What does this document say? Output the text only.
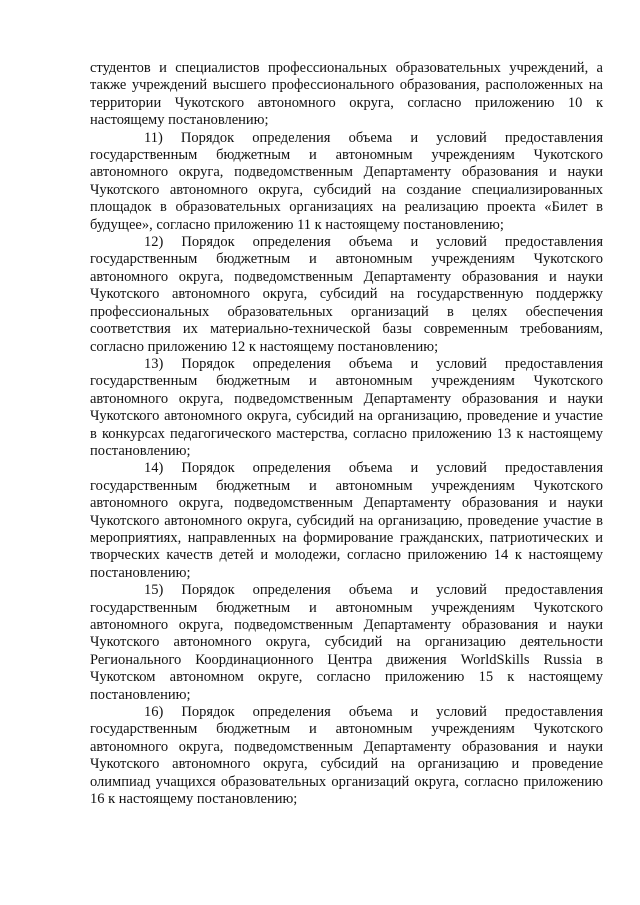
студентов и специалистов профессиональных образовательных учреждений, а также учреждений высшего профессионального образования, расположенных на территории Чукотского автономного округа, согласно приложению 10 к настоящему постановлению;

11) Порядок определения объема и условий предоставления государственным бюджетным и автономным учреждениям Чукотского автономного округа, подведомственным Департаменту образования и науки Чукотского автономного округа, субсидий на создание специализированных площадок в образовательных организациях на реализацию проекта «Билет в будущее», согласно приложению 11 к настоящему постановлению;

12) Порядок определения объема и условий предоставления государственным бюджетным и автономным учреждениям Чукотского автономного округа, подведомственным Департаменту образования и науки Чукотского автономного округа, субсидий на государственную поддержку профессиональных образовательных организаций в целях обеспечения соответствия их материально-технической базы современным требованиям, согласно приложению 12 к настоящему постановлению;

13) Порядок определения объема и условий предоставления государственным бюджетным и автономным учреждениям Чукотского автономного округа, подведомственным Департаменту образования и науки Чукотского автономного округа, субсидий на организацию, проведение и участие в конкурсах педагогического мастерства, согласно приложению 13 к настоящему постановлению;

14) Порядок определения объема и условий предоставления государственным бюджетным и автономным учреждениям Чукотского автономного округа, подведомственным Департаменту образования и науки Чукотского автономного округа, субсидий на организацию, проведение участие в мероприятиях, направленных на формирование гражданских, патриотических и творческих качеств детей и молодежи, согласно приложению 14 к настоящему постановлению;

15) Порядок определения объема и условий предоставления государственным бюджетным и автономным учреждениям Чукотского автономного округа, подведомственным Департаменту образования и науки Чукотского автономного округа, субсидий на организацию деятельности Регионального Координационного Центра движения WorldSkills Russia в Чукотском автономном округе, согласно приложению 15 к настоящему постановлению;

16) Порядок определения объема и условий предоставления государственным бюджетным и автономным учреждениям Чукотского автономного округа, подведомственным Департаменту образования и науки Чукотского автономного округа, субсидий на организацию и проведение олимпиад учащихся образовательных организаций округа, согласно приложению 16 к настоящему постановлению;
